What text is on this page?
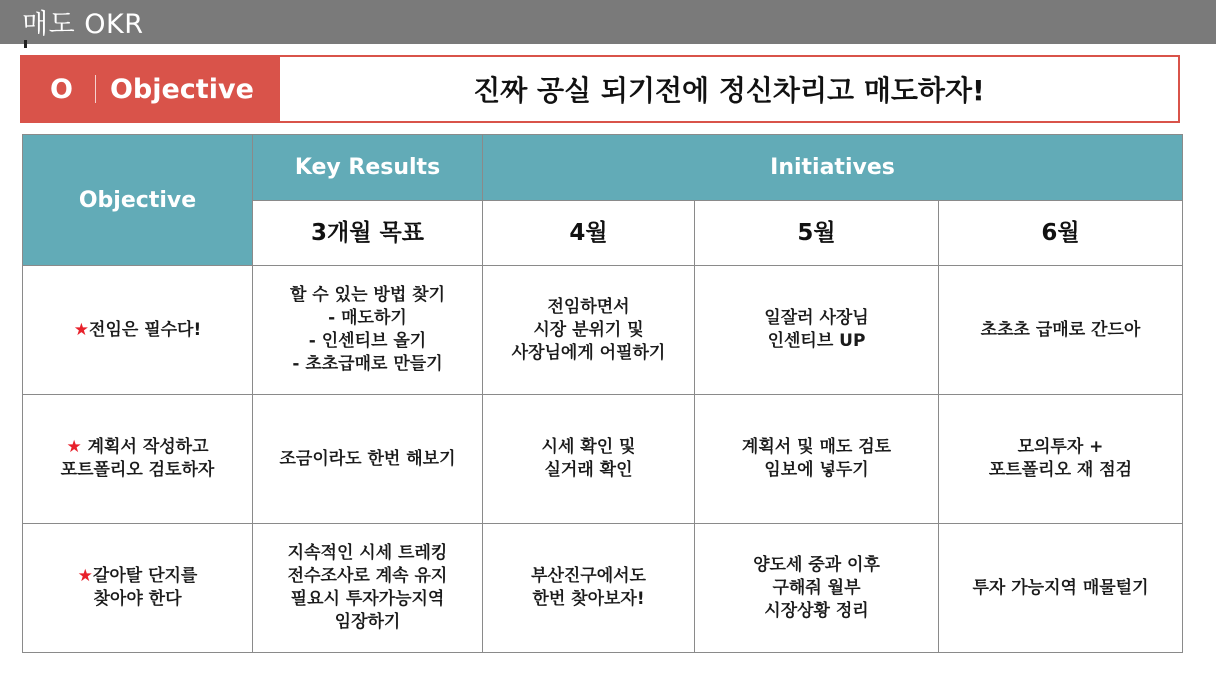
매도 OKR
O Objective	진짜 공실 되기전에 정신차리고 매도하자!
Objective	Key Results	Initiatives		
	3개월 목표	4월	5월	6월
★전임은 필수다!	할 수 있는 방법 찾기
- 매도하기
- 인센티브 올기
- 초초급매로 만들기	전임하면서
시장 분위기 및
사장님에게 어필하기	일잘러 사장님
인센티브 UP	초초초 급매로 간드아

★ 계획서 작성하고
포트폴리오 검토하자	조금이라도 한번 해보기	시세 확인 및
실거래 확인	계획서 및 매도 검토
임보에 넣두기	모의투자 +
포트폴리오 재 점검

★갈아탈 단지를
찾아야 한다	지속적인 시세 트레킹
전수조사로 계속 유지
필요시 투자가능지역
임장하기	부산진구에서도
한번 찾아보자!	양도세 중과 이후
구해줘 월부
시장상황 정리	투자 가능지역 매물털기
